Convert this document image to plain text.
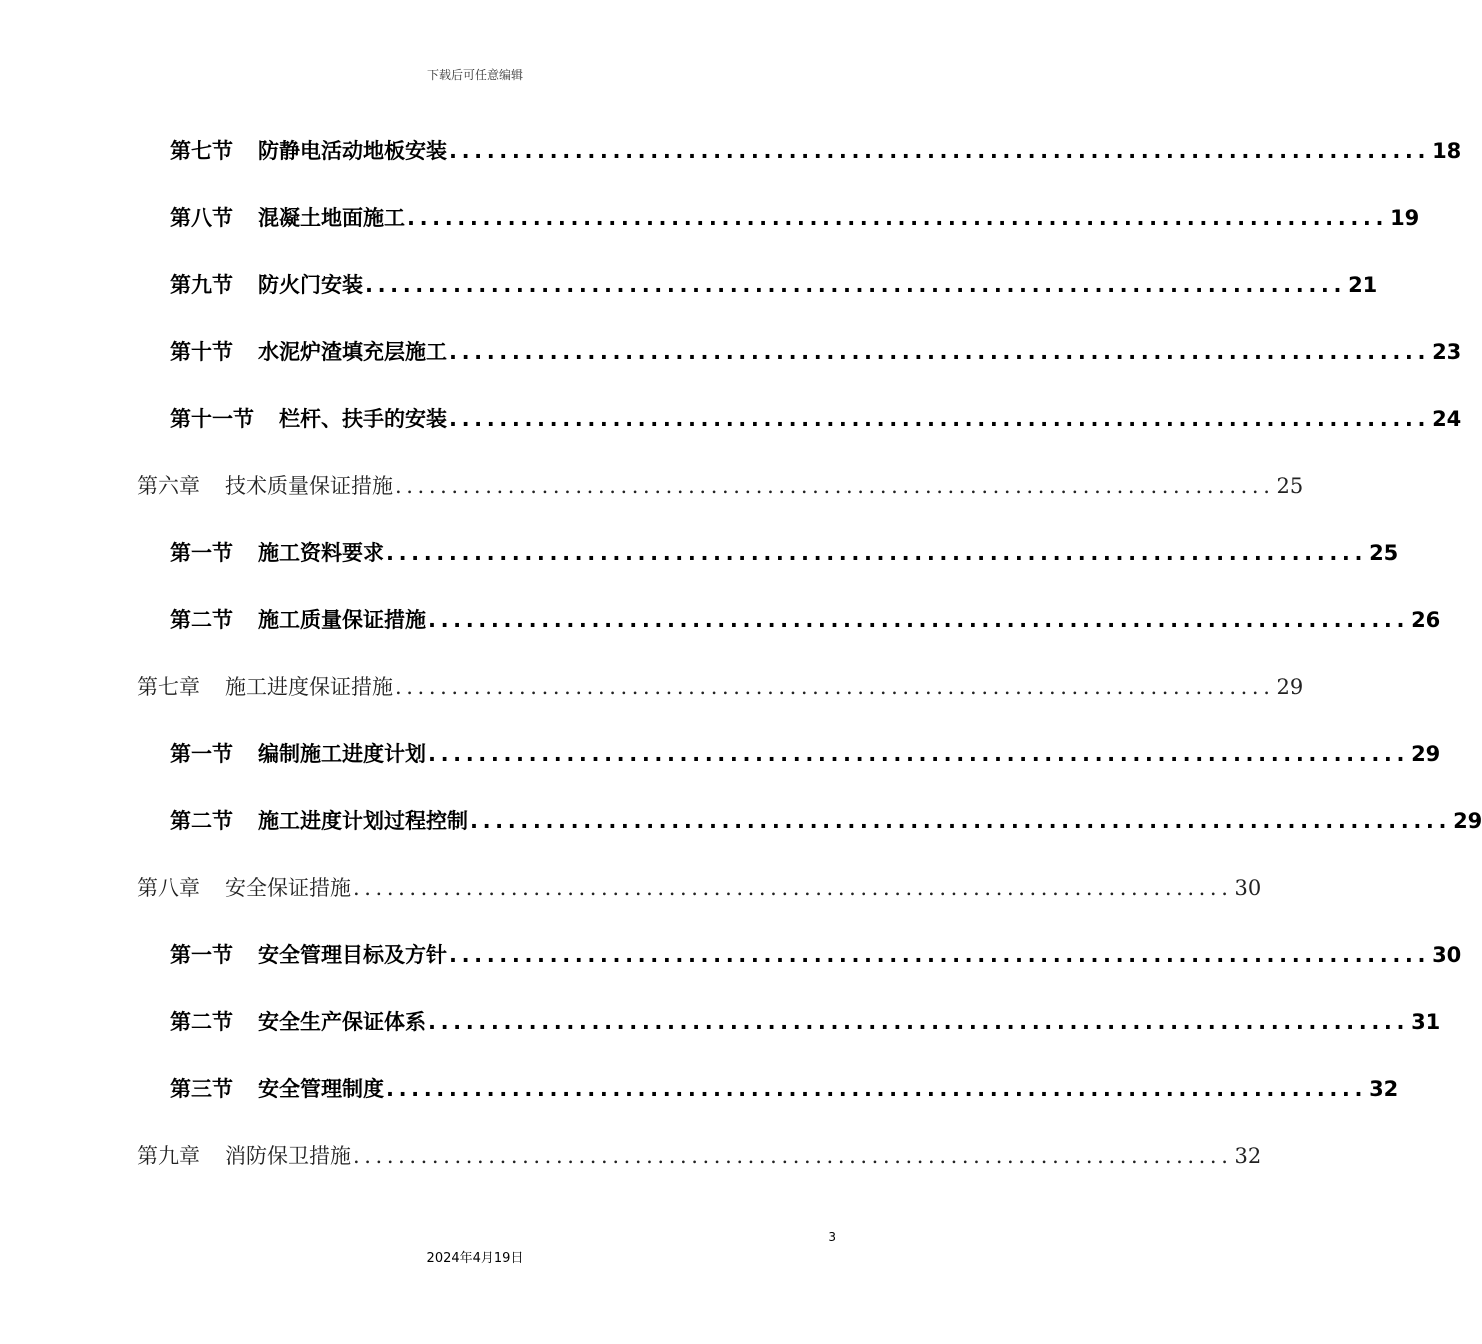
下载后可任意编辑
第七节 防静电活动地板安装 .............................................................................. 18
第八节 混凝土地面施工 .............................................................................. 19
第九节 防火门安装 .............................................................................. 21
第十节 水泥炉渣填充层施工 .............................................................................. 23
第十一节 栏杆、扶手的安装 .............................................................................. 24
第六章 技术质量保证措施 .............................................................................. 25
第一节 施工资料要求 .............................................................................. 25
第二节 施工质量保证措施 .............................................................................. 26
第七章 施工进度保证措施 .............................................................................. 29
第一节 编制施工进度计划 .............................................................................. 29
第二节 施工进度计划过程控制 .............................................................................. 29
第八章 安全保证措施 .............................................................................. 30
第一节 安全管理目标及方针 .............................................................................. 30
第二节 安全生产保证体系 .............................................................................. 31
第三节 安全管理制度 .............................................................................. 32
第九章 消防保卫措施 .............................................................................. 32
3
2024年4月19日
